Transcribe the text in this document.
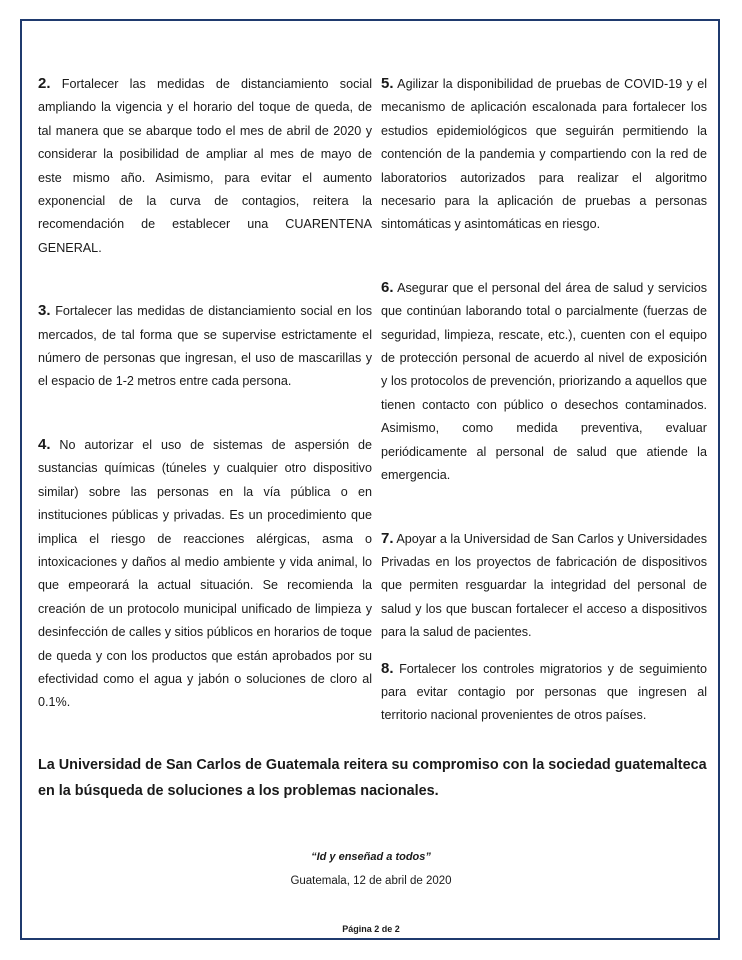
2. Fortalecer las medidas de distanciamiento social ampliando la vigencia y el horario del toque de queda, de tal manera que se abarque todo el mes de abril de 2020 y considerar la posibilidad de ampliar al mes de mayo de este mismo año. Asimismo, para evitar el aumento exponencial de la curva de contagios, reitera la recomendación de establecer una CUARENTENA GENERAL.

3. Fortalecer las medidas de distanciamiento social en los mercados, de tal forma que se supervise estrictamente el número de personas que ingresan, el uso de mascarillas y el espacio de 1-2 metros entre cada persona.

4. No autorizar el uso de sistemas de aspersión de sustancias químicas (túneles y cualquier otro dispositivo similar) sobre las personas en la vía pública o en instituciones públicas y privadas. Es un procedimiento que implica el riesgo de reacciones alérgicas, asma o intoxicaciones y daños al medio ambiente y vida animal, lo que empeorará la actual situación. Se recomienda la creación de un protocolo municipal unificado de limpieza y desinfección de calles y sitios públicos en horarios de toque de queda y con los productos que están aprobados por su efectividad como el agua y jabón o soluciones de cloro al 0.1%.

5. Agilizar la disponibilidad de pruebas de COVID-19 y el mecanismo de aplicación escalonada para fortalecer los estudios epidemiológicos que seguirán permitiendo la contención de la pandemia y compartiendo con la red de laboratorios autorizados para realizar el algoritmo necesario para la aplicación de pruebas a personas sintomáticas y asintomáticas en riesgo.

6. Asegurar que el personal del área de salud y servicios que continúan laborando total o parcialmente (fuerzas de seguridad, limpieza, rescate, etc.), cuenten con el equipo de protección personal de acuerdo al nivel de exposición y los protocolos de prevención, priorizando a aquellos que tienen contacto con público o desechos contaminados. Asimismo, como medida preventiva, evaluar periódicamente al personal de salud que atiende la emergencia.

7. Apoyar a la Universidad de San Carlos y Universidades Privadas en los proyectos de fabricación de dispositivos que permiten resguardar la integridad del personal de salud y los que buscan fortalecer el acceso a dispositivos para la salud de pacientes.

8. Fortalecer los controles migratorios y de seguimiento para evitar contagio por personas que ingresen al territorio nacional provenientes de otros países.

La Universidad de San Carlos de Guatemala reitera su compromiso con la sociedad guatemalteca en la búsqueda de soluciones a los problemas nacionales.
“Id y enseñad a todos”
Guatemala, 12 de abril de 2020
Página 2 de 2
